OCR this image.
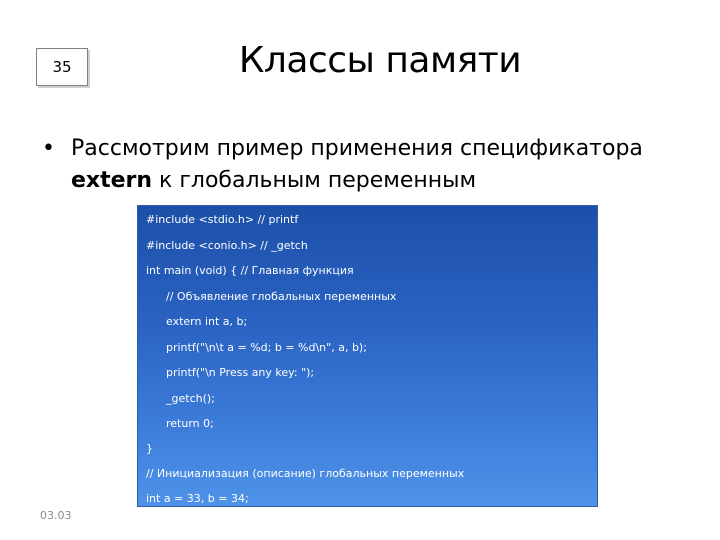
35	Классы памяти
• Рассмотрим пример применения спецификатора
extern к глобальным переменным
#include <stdio.h> // printf
#include <conio.h> // _getch
int main (void) { // Главная функция
// Объявление глобальных переменных
extern int a, b;
printf("\n\t a = %d; b = %d\n", a, b);
printf("\n Press any key: ");
_getch();
return 0;
}
// Инициализация (описание) глобальных переменных
int a = 33, b = 34;
03.03
